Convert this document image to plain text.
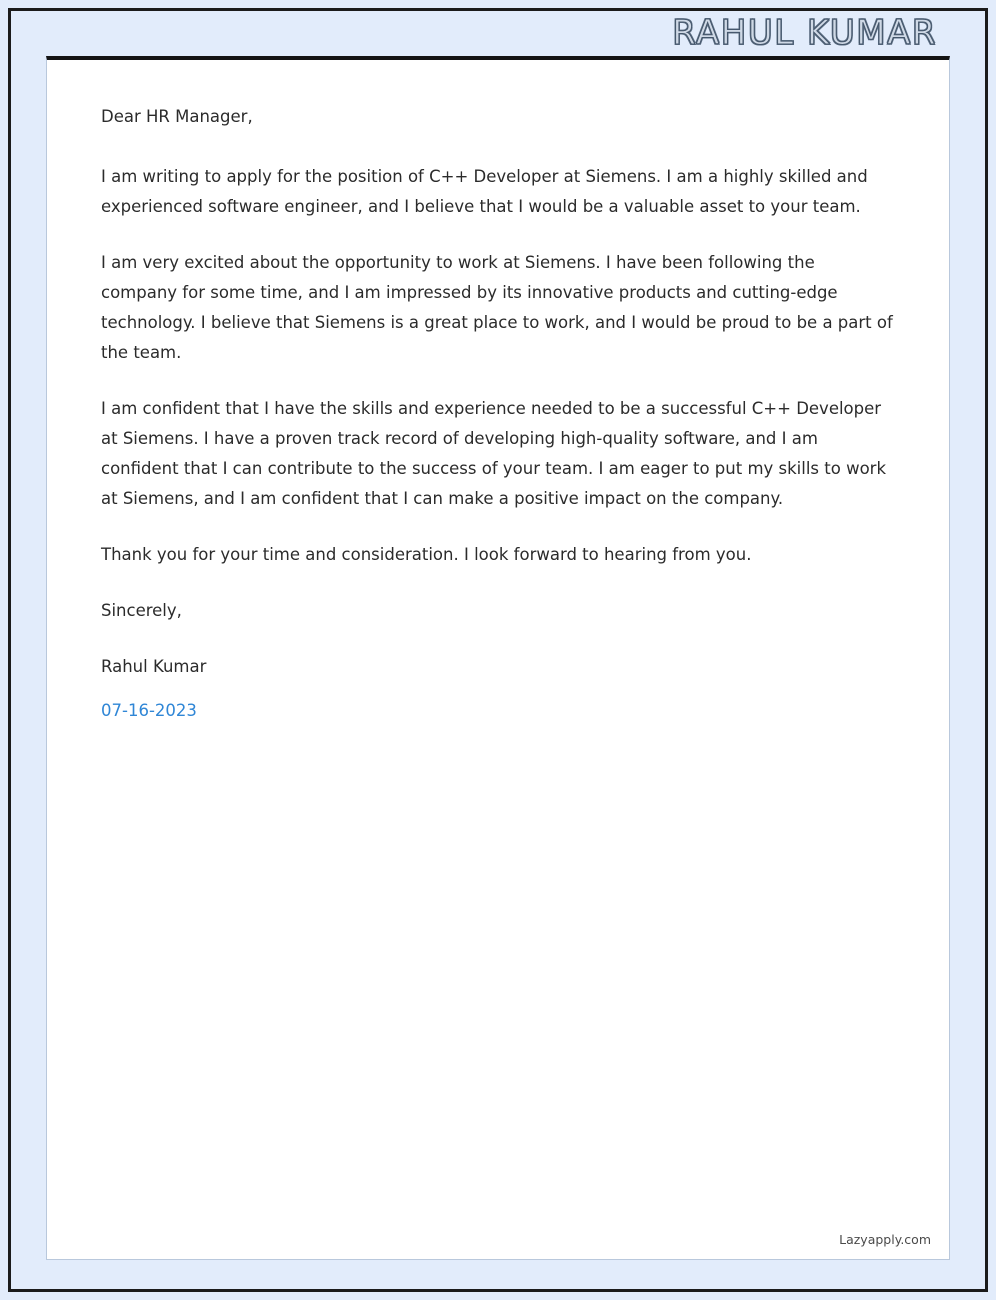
RAHUL KUMAR

Dear HR Manager,

I am writing to apply for the position of C++ Developer at Siemens. I am a highly skilled and experienced software engineer, and I believe that I would be a valuable asset to your team.

I am very excited about the opportunity to work at Siemens. I have been following the company for some time, and I am impressed by its innovative products and cutting-edge technology. I believe that Siemens is a great place to work, and I would be proud to be a part of the team.

I am confident that I have the skills and experience needed to be a successful C++ Developer at Siemens. I have a proven track record of developing high-quality software, and I am confident that I can contribute to the success of your team. I am eager to put my skills to work at Siemens, and I am confident that I can make a positive impact on the company.

Thank you for your time and consideration. I look forward to hearing from you.

Sincerely,

Rahul Kumar

07-16-2023

Lazyapply.com
